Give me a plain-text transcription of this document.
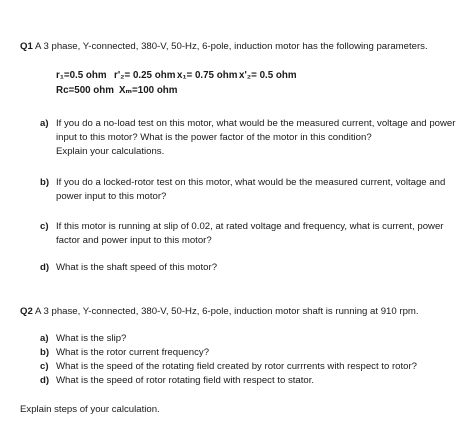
Q1 A 3 phase, Y-connected, 380-V, 50-Hz, 6-pole, induction motor has the following parameters.
r₁=0.5 ohm r'₂= 0.25 ohm x₁= 0.75 ohm x'₂= 0.5 ohm
Rᴄ=500 ohm Xₘ=100 ohm
a) If you do a no-load test on this motor, what would be the measured current, voltage and power
input to this motor? What is the power factor of the motor in this condition?
Explain your calculations.
b) If you do a locked-rotor test on this motor, what would be the measured current, voltage and
power input to this motor?
c) If this motor is running at slip of 0.02, at rated voltage and frequency, what is current, power
factor and power input to this motor?
d) What is the shaft speed of this motor?
Q2 A 3 phase, Y-connected, 380-V, 50-Hz, 6-pole, induction motor shaft is running at 910 rpm.
a) What is the slip?
b) What is the rotor current frequency?
c) What is the speed of the rotating field created by rotor currrents with respect to rotor?
d) What is the speed of rotor rotating field with respect to stator.
Explain steps of your calculation.
